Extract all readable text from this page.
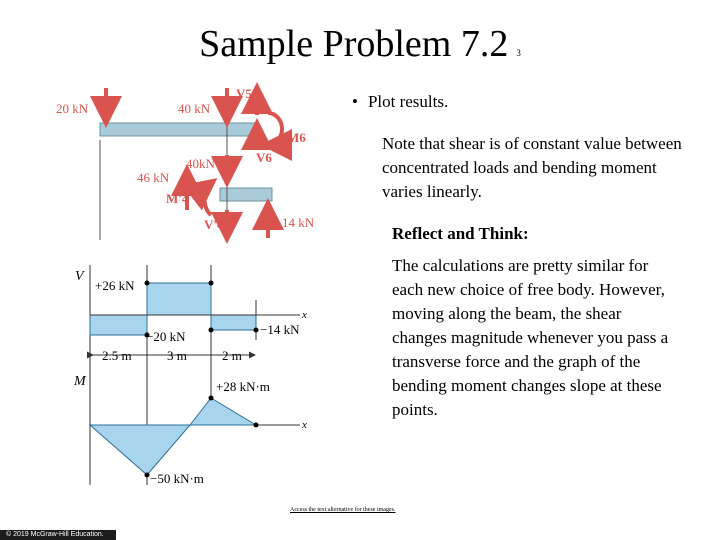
Sample Problem 7.2 3
20 kN	40 kN
40kN
46 kN
14 kN
V5
M6
V6
M'4
V'4
V
x
+26 kN
−20 kN	−14 kN
2.5 m	3 m	2 m
M
x
+28 kN·m
−50 kN·m
• Plot results.
Note that shear is of constant value between concentrated loads and bending moment varies linearly.
Reflect and Think:
The calculations are pretty similar for each new choice of free body. However, moving along the beam, the shear changes magnitude whenever you pass a transverse force and the graph of the bending moment changes slope at these points.
Access the text alternative for these images.
© 2019 McGraw-Hill Education.
